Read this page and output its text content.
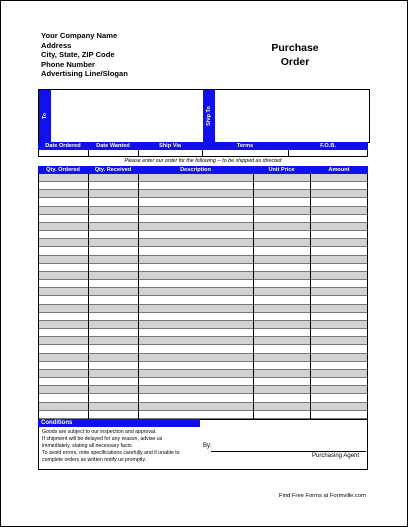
Your Company Name
Address
City, State, ZIP Code
Phone Number
Advertising Line/Slogan
Purchase
Order
To	Ship To
Date Ordered	Date Wanted	Ship Via	Terms	F.O.B.
Please enter our order for the following -- to be shipped as directed
Qty. Ordered	Qty. Received	Description	Unit Price	Amount
Conditions
Goods are subject to our inspection and approval.
If shipment will be delayed for any reason, advise us
immediately, stating all necessary facts.
To avoid errors, note specifications carefully and if unable to
complete orders as written notify us promptly.
By:
Purchasing Agent
Find Free Forms at Formville.com
